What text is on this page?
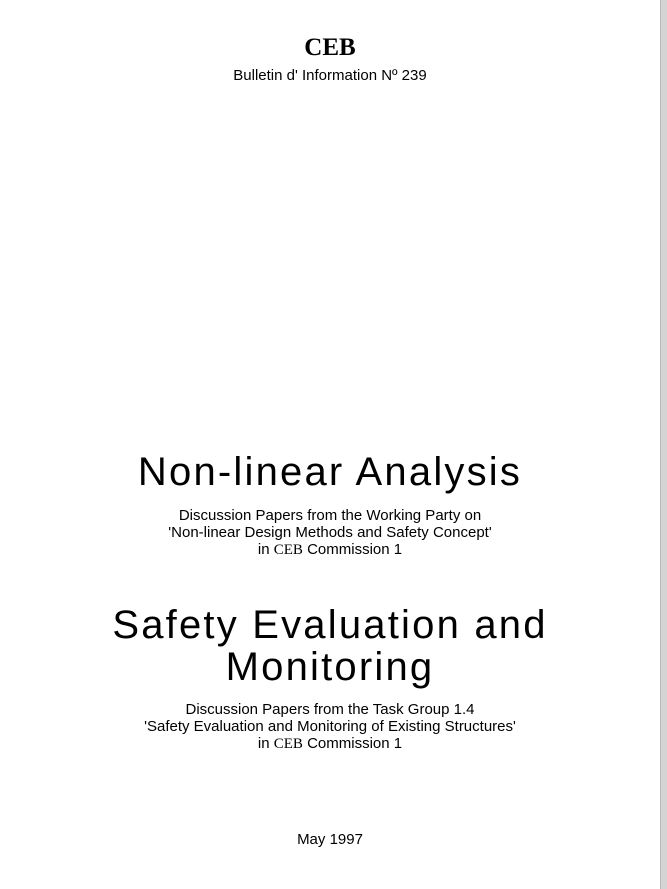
CEB
Bulletin d' Information Nº 239
Non-linear Analysis
Discussion Papers from the Working Party on
'Non-linear Design Methods and Safety Concept'
in CEB Commission 1
Safety Evaluation and
Monitoring
Discussion Papers from the Task Group 1.4
'Safety Evaluation and Monitoring of Existing Structures'
in CEB Commission 1
May 1997
